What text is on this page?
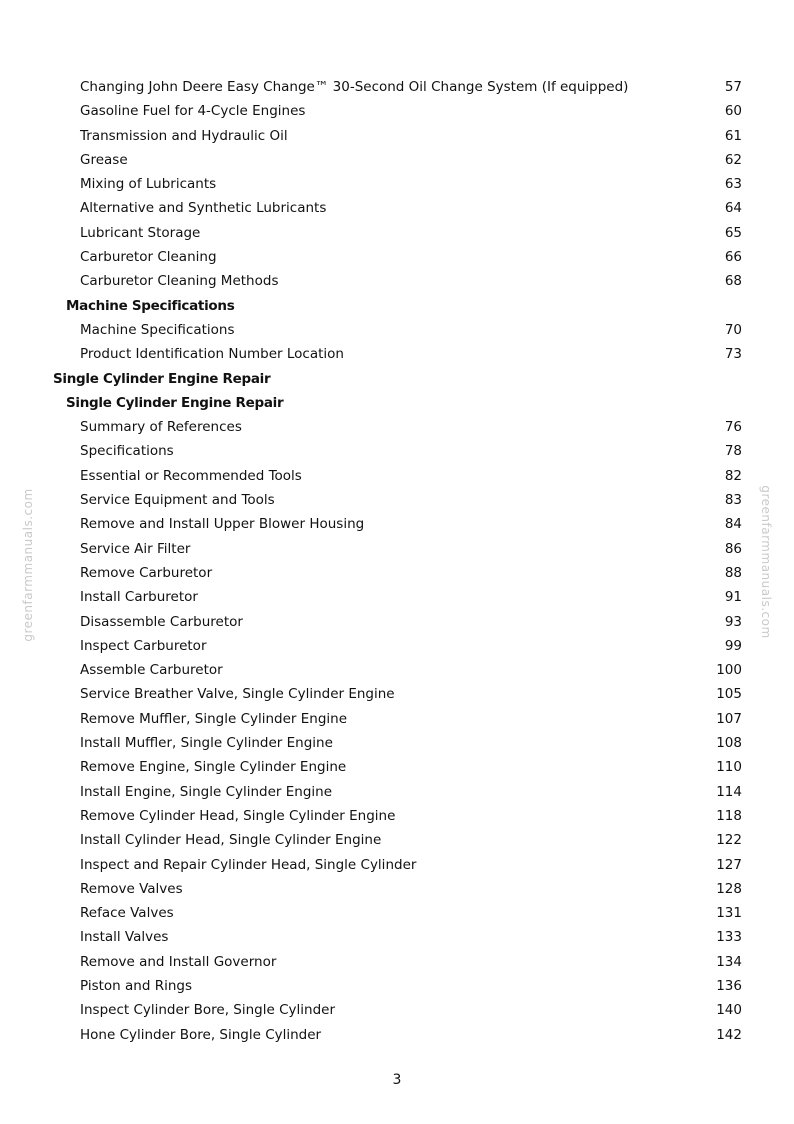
Changing John Deere Easy Change™ 30-Second Oil Change System (If equipped)	57
Gasoline Fuel for 4-Cycle Engines	60
Transmission and Hydraulic Oil	61
Grease	62
Mixing of Lubricants	63
Alternative and Synthetic Lubricants	64
Lubricant Storage	65
Carburetor Cleaning	66
Carburetor Cleaning Methods	68
Machine Specifications
Machine Specifications	70
Product Identification Number Location	73
Single Cylinder Engine Repair
Single Cylinder Engine Repair
Summary of References	76
Specifications	78
Essential or Recommended Tools	82
Service Equipment and Tools	83
Remove and Install Upper Blower Housing	84
Service Air Filter	86
Remove Carburetor	88
Install Carburetor	91
Disassemble Carburetor	93
Inspect Carburetor	99
Assemble Carburetor	100
Service Breather Valve, Single Cylinder Engine	105
Remove Muffler, Single Cylinder Engine	107
Install Muffler, Single Cylinder Engine	108
Remove Engine, Single Cylinder Engine	110
Install Engine, Single Cylinder Engine	114
Remove Cylinder Head, Single Cylinder Engine	118
Install Cylinder Head, Single Cylinder Engine	122
Inspect and Repair Cylinder Head, Single Cylinder	127
Remove Valves	128
Reface Valves	131
Install Valves	133
Remove and Install Governor	134
Piston and Rings	136
Inspect Cylinder Bore, Single Cylinder	140
Hone Cylinder Bore, Single Cylinder	142
greenfarmmanuals.com	greenfarmmanuals.com
3
